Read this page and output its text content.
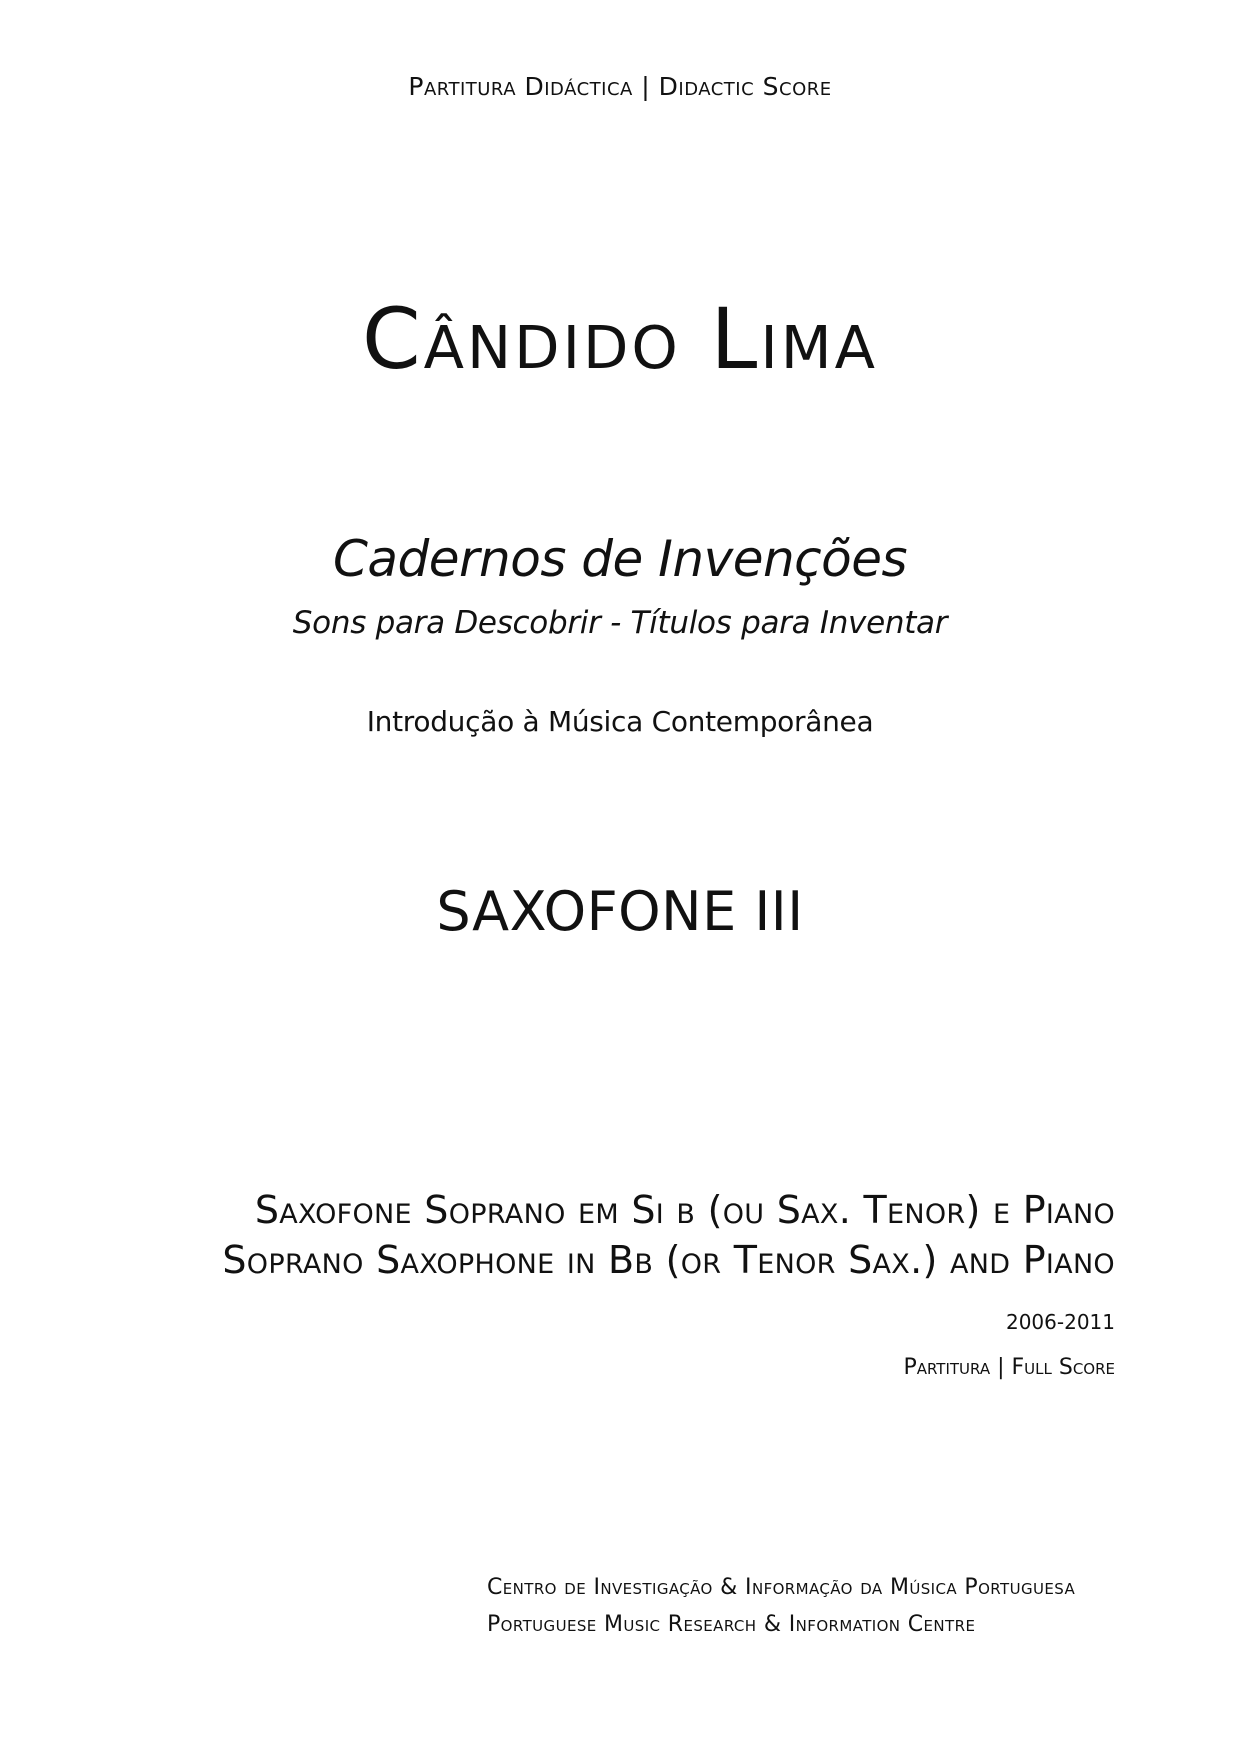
Partitura Didáctica | Didactic Score
Cândido Lima
Cadernos de Invenções
Sons para Descobrir - Títulos para Inventar
Introdução à Música Contemporânea
SAXOFONE III
Saxofone Soprano em Si b (ou Sax. Tenor) e Piano
Soprano Saxophone in Bb (or Tenor Sax.) and Piano
2006-2011
Partitura | Full Score
Centro de Investigação & Informação da Música Portuguesa
Portuguese Music Research & Information Centre
